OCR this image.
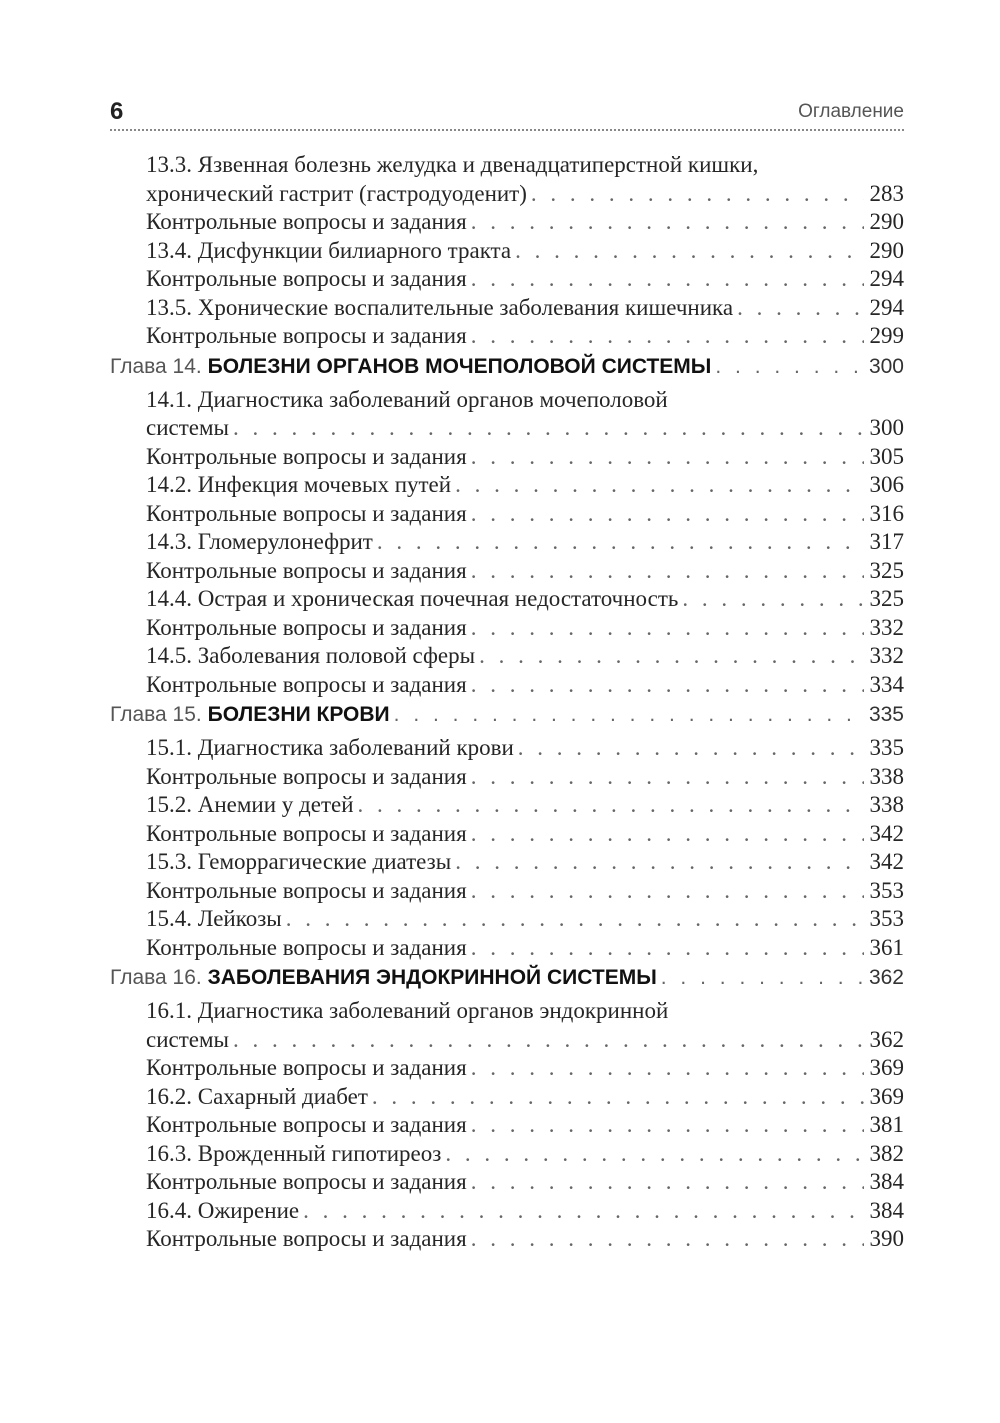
6	Оглавление
13.3. Язвенная болезнь желудка и двенадцатиперстной кишки,
хронический гастрит (гастродуоденит) . . .	283
Контрольные вопросы и задания . . .	290
13.4. Дисфункции билиарного тракта . . .	290
Контрольные вопросы и задания . . .	294
13.5. Хронические воспалительные заболевания кишечника . . .	294
Контрольные вопросы и задания . . .	299
Глава 14. БОЛЕЗНИ ОРГАНОВ МОЧЕПОЛОВОЙ СИСТЕМЫ . . .	300
14.1. Диагностика заболеваний органов мочеполовой
системы . . .	300
Контрольные вопросы и задания . . .	305
14.2. Инфекция мочевых путей . . .	306
Контрольные вопросы и задания . . .	316
14.3. Гломерулонефрит . . .	317
Контрольные вопросы и задания . . .	325
14.4. Острая и хроническая почечная недостаточность . . .	325
Контрольные вопросы и задания . . .	332
14.5. Заболевания половой сферы . . .	332
Контрольные вопросы и задания . . .	334
Глава 15. БОЛЕЗНИ КРОВИ . . .	335
15.1. Диагностика заболеваний крови . . .	335
Контрольные вопросы и задания . . .	338
15.2. Анемии у детей . . .	338
Контрольные вопросы и задания . . .	342
15.3. Геморрагические диатезы . . .	342
Контрольные вопросы и задания . . .	353
15.4. Лейкозы . . .	353
Контрольные вопросы и задания . . .	361
Глава 16. ЗАБОЛЕВАНИЯ ЭНДОКРИННОЙ СИСТЕМЫ . . .	362
16.1. Диагностика заболеваний органов эндокринной
системы . . .	362
Контрольные вопросы и задания . . .	369
16.2. Сахарный диабет . . .	369
Контрольные вопросы и задания . . .	381
16.3. Врожденный гипотиреоз . . .	382
Контрольные вопросы и задания . . .	384
16.4. Ожирение . . .	384
Контрольные вопросы и задания . . .	390
